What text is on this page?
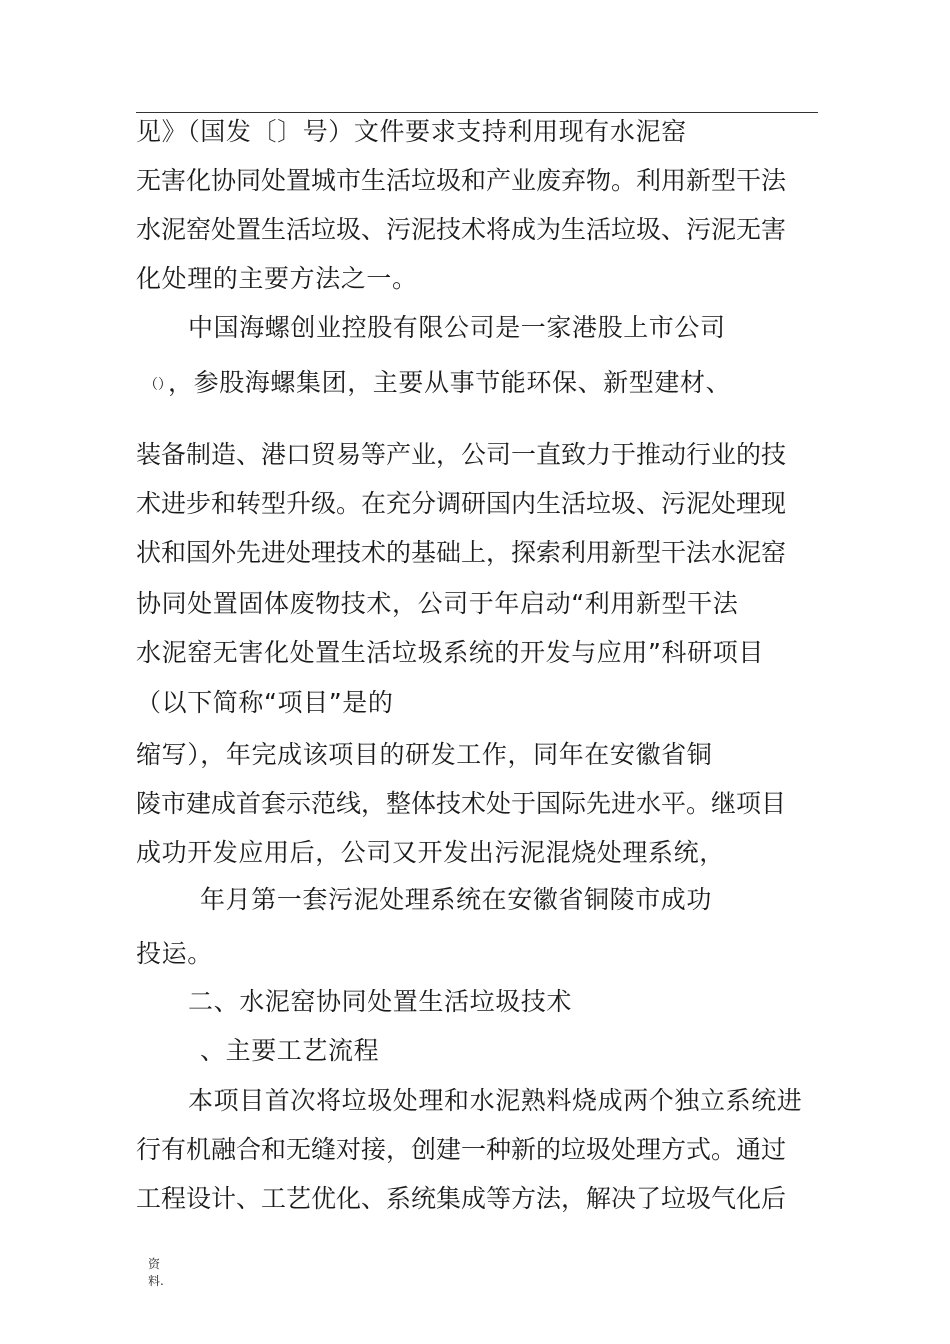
见》（国发〔〕号）文件要求支持利用现有水泥窑
无害化协同处置城市生活垃圾和产业废弃物。利用新型干法
水泥窑处置生活垃圾、污泥技术将成为生活垃圾、污泥无害
化处理的主要方法之一。
中国海螺创业控股有限公司是一家港股上市公司
（）
，参股海螺集团，主要从事节能环保、新型建材、
装备制造、港口贸易等产业，公司一直致力于推动行业的技
术进步和转型升级。在充分调研国内生活垃圾、污泥处理现
状和国外先进处理技术的基础上，探索利用新型干法水泥窑
协同处置固体废物技术，公司于年启动“利用新型干法
水泥窑无害化处置生活垃圾系统的开发与应用”科研项目
（以下简称“项目”是的
缩写），年完成该项目的研发工作，同年在安徽省铜
陵市建成首套示范线，整体技术处于国际先进水平。继项目
成功开发应用后，公司又开发出污泥混烧处理系统，
年月第一套污泥处理系统在安徽省铜陵市成功
投运。
二、水泥窑协同处置生活垃圾技术
、主要工艺流程
本项目首次将垃圾处理和水泥熟料烧成两个独立系统进
行有机融合和无缝对接，创建一种新的垃圾处理方式。通过
工程设计、工艺优化、系统集成等方法，解决了垃圾气化后
资
料.
